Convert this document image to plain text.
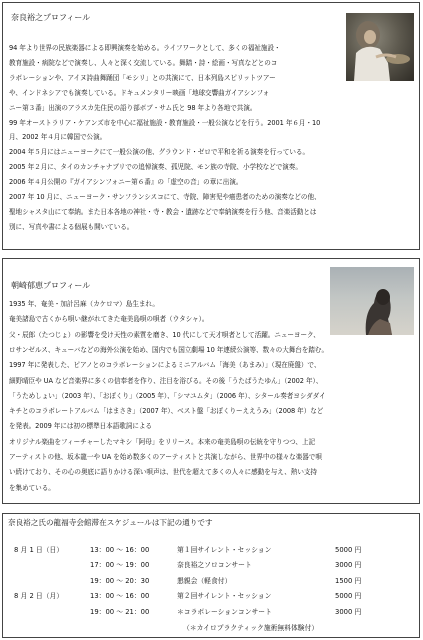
奈良裕之プロフィール
94 年より世界の民族楽器による即興演奏を始める。ライフワークとして、多くの福祉施設・
教育施設・病院などで演奏し、人々と深く交流している。舞踏・詩・絵画・写真などとのコ
ラボレーションや、アイヌ詩曲舞踊団「モシリ」との共演にて、日本列島スピリットツアー
や、インドネシアでも演奏している。ドキュメンタリー映画「地球交響曲ガイアシンフォ
ニー第３番」出演のアラスカ先住民の語り部ボブ・サム氏と 98 年より各地で共演。
99 年オーストラリア・ケアンズ市を中心に福祉施設・教育施設・一般公演などを行う。2001 年６月・10
月、2002 年４月に韓国で公演。
2004 年５月にはニューヨークにて一般公演の他、グラウンド・ゼロで平和を祈る演奏を行っている。
2005 年２月に、タイのカンチャナブリでの追悼演奏、孤児院、モン族の寺院、小学校などで演奏。
2006 年４月公開の『ガイアシンフォニー第６番』の「虚空の音」の章に出演。
2007 年 10 月に、ニューヨーク・サンフランシスコにて、寺院、障害児や癌患者のための演奏などの他、
聖地シャスタ山にて奉納。また日本各地の神社・寺・教会・遺跡などで奉納演奏を行う他、音楽活動とは
別に、写真や書による個展も開いている。
朝崎郁恵プロフィール
1935 年、奄美・加計呂麻（カケロマ）島生まれ。
奄美諸島で古くから唄い継がれてきた奄美島唄の唄者（ウタシャ）。
父・辰郎（たつじょ）の影響を受け天性の素質を磨き、10 代にして天才唄者として活躍。ニューヨーク、
ロサンゼルス、キューバなどの海外公演を始め、国内でも国立劇場 10 年連続公演等、数々の大舞台を踏む。
1997 年に発表した、ピアノとのコラボレーションによるミニアルバム「海美（あまみ）」（現在廃盤）で、
細野晴臣や UA など音楽界に多くの信奉者を作り、注目を浴びる。その後「うたばうたゆん」（2002 年）、
「うためしょい」（2003 年）、「おぼくり」（2005 年）、「シマユムタ」（2006 年）、シタール奏者ヨシダダイ
キチとのコラボレートアルバム「はまさき」（2007 年）、ベスト盤「おぼくりーええうみ」（2008 年）など
を発表。2009 年には初の標準日本語歌詞による
オリジナル楽曲をフィーチャーしたマキシ「阿母」をリリース。本来の奄美島唄の伝統を守りつつ、上記
アーティストの他、坂本龍一や UA を始め数多くのアーティストと共演しながら、世界中の様々な楽器で唄
い続けており、その心の奥底に語りかける深い唄声は、世代を超えて多くの人々に感動を与え、熱い支持
を集めている。
奈良裕之氏の龍福寺会館滞在スケジュールは下記の通りです
8 月 1 日（日）	13：00 ～ 16：00	第１回サイレント・セッション	5000 円
17：00 ～ 19：00	奈良裕之ソロコンサート	3000 円
19：00 ～ 20：30	懇親会（軽食付）	1500 円
8 月 2 日（月）	13：00 ～ 16：00	第２回サイレント・セッション	5000 円
19：00 ～ 21：00	＊コラボレーションコンサート	3000 円
（＊カイロプラクティック施術無料体験付）
